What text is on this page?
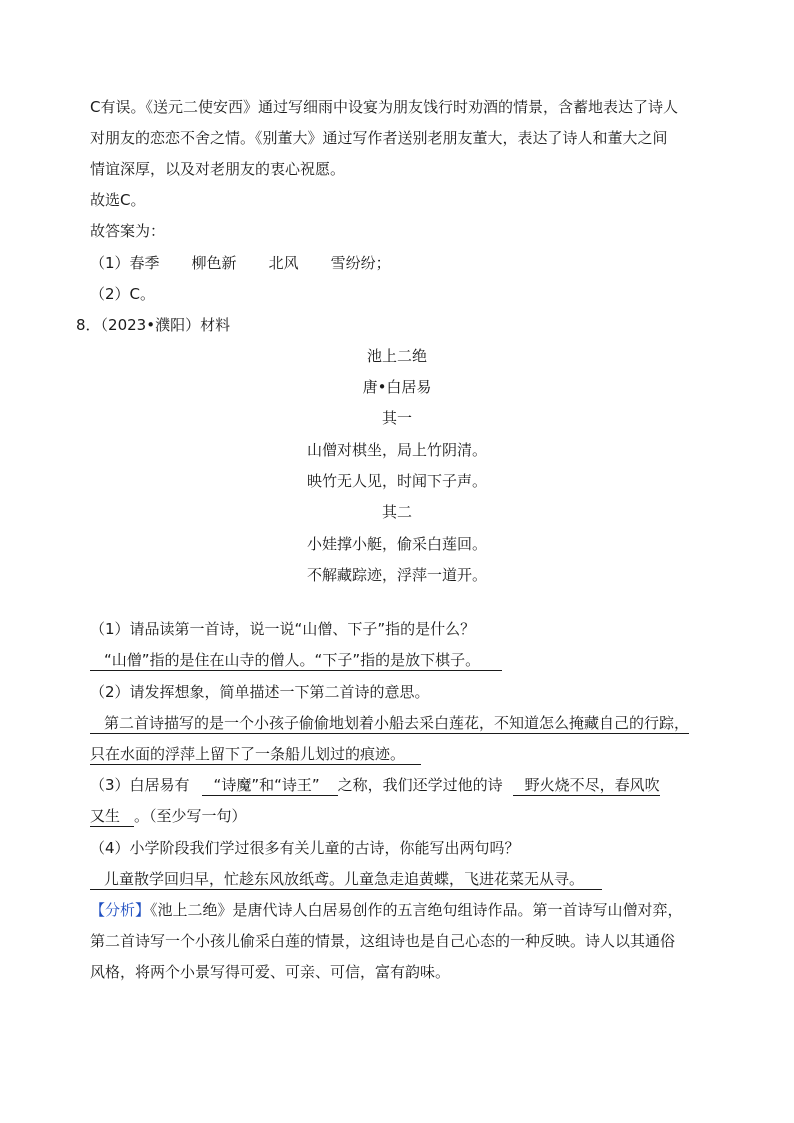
C有误。《送元二使安西》通过写细雨中设宴为朋友饯行时劝酒的情景，含蓄地表达了诗人
对朋友的恋恋不舍之情。《别董大》通过写作者送别老朋友董大，表达了诗人和董大之间
情谊深厚，以及对老朋友的衷心祝愿。
故选C。
故答案为：
（1）春季 柳色新 北风 雪纷纷；
（2）C。
8．（2023•濮阳）材料
池上二绝
唐•白居易
其一
山僧对棋坐，局上竹阴清。
映竹无人见，时闻下子声。
其二
小娃撑小艇，偷采白莲回。
不解藏踪迹，浮萍一道开。
（1）请品读第一首诗，说一说“山僧、下子”指的是什么？
“山僧”指的是住在山寺的僧人。“下子”指的是放下棋子。
（2）请发挥想象，简单描述一下第二首诗的意思。
第二首诗描写的是一个小孩子偷偷地划着小船去采白莲花，不知道怎么掩藏自己的行踪，
只在水面的浮萍上留下了一条船儿划过的痕迹。
（3）白居易有 “诗魔”和“诗王” 之称，我们还学过他的诗 野火烧不尽，春风吹
又生 。（至少写一句）
（4）小学阶段我们学过很多有关儿童的古诗，你能写出两句吗？
儿童散学回归早，忙趁东风放纸鸢。儿童急走追黄蝶，飞进花菜无从寻。
【分析】《池上二绝》是唐代诗人白居易创作的五言绝句组诗作品。第一首诗写山僧对弈，
第二首诗写一个小孩儿偷采白莲的情景，这组诗也是自己心态的一种反映。诗人以其通俗
风格，将两个小景写得可爱、可亲、可信，富有韵味。
